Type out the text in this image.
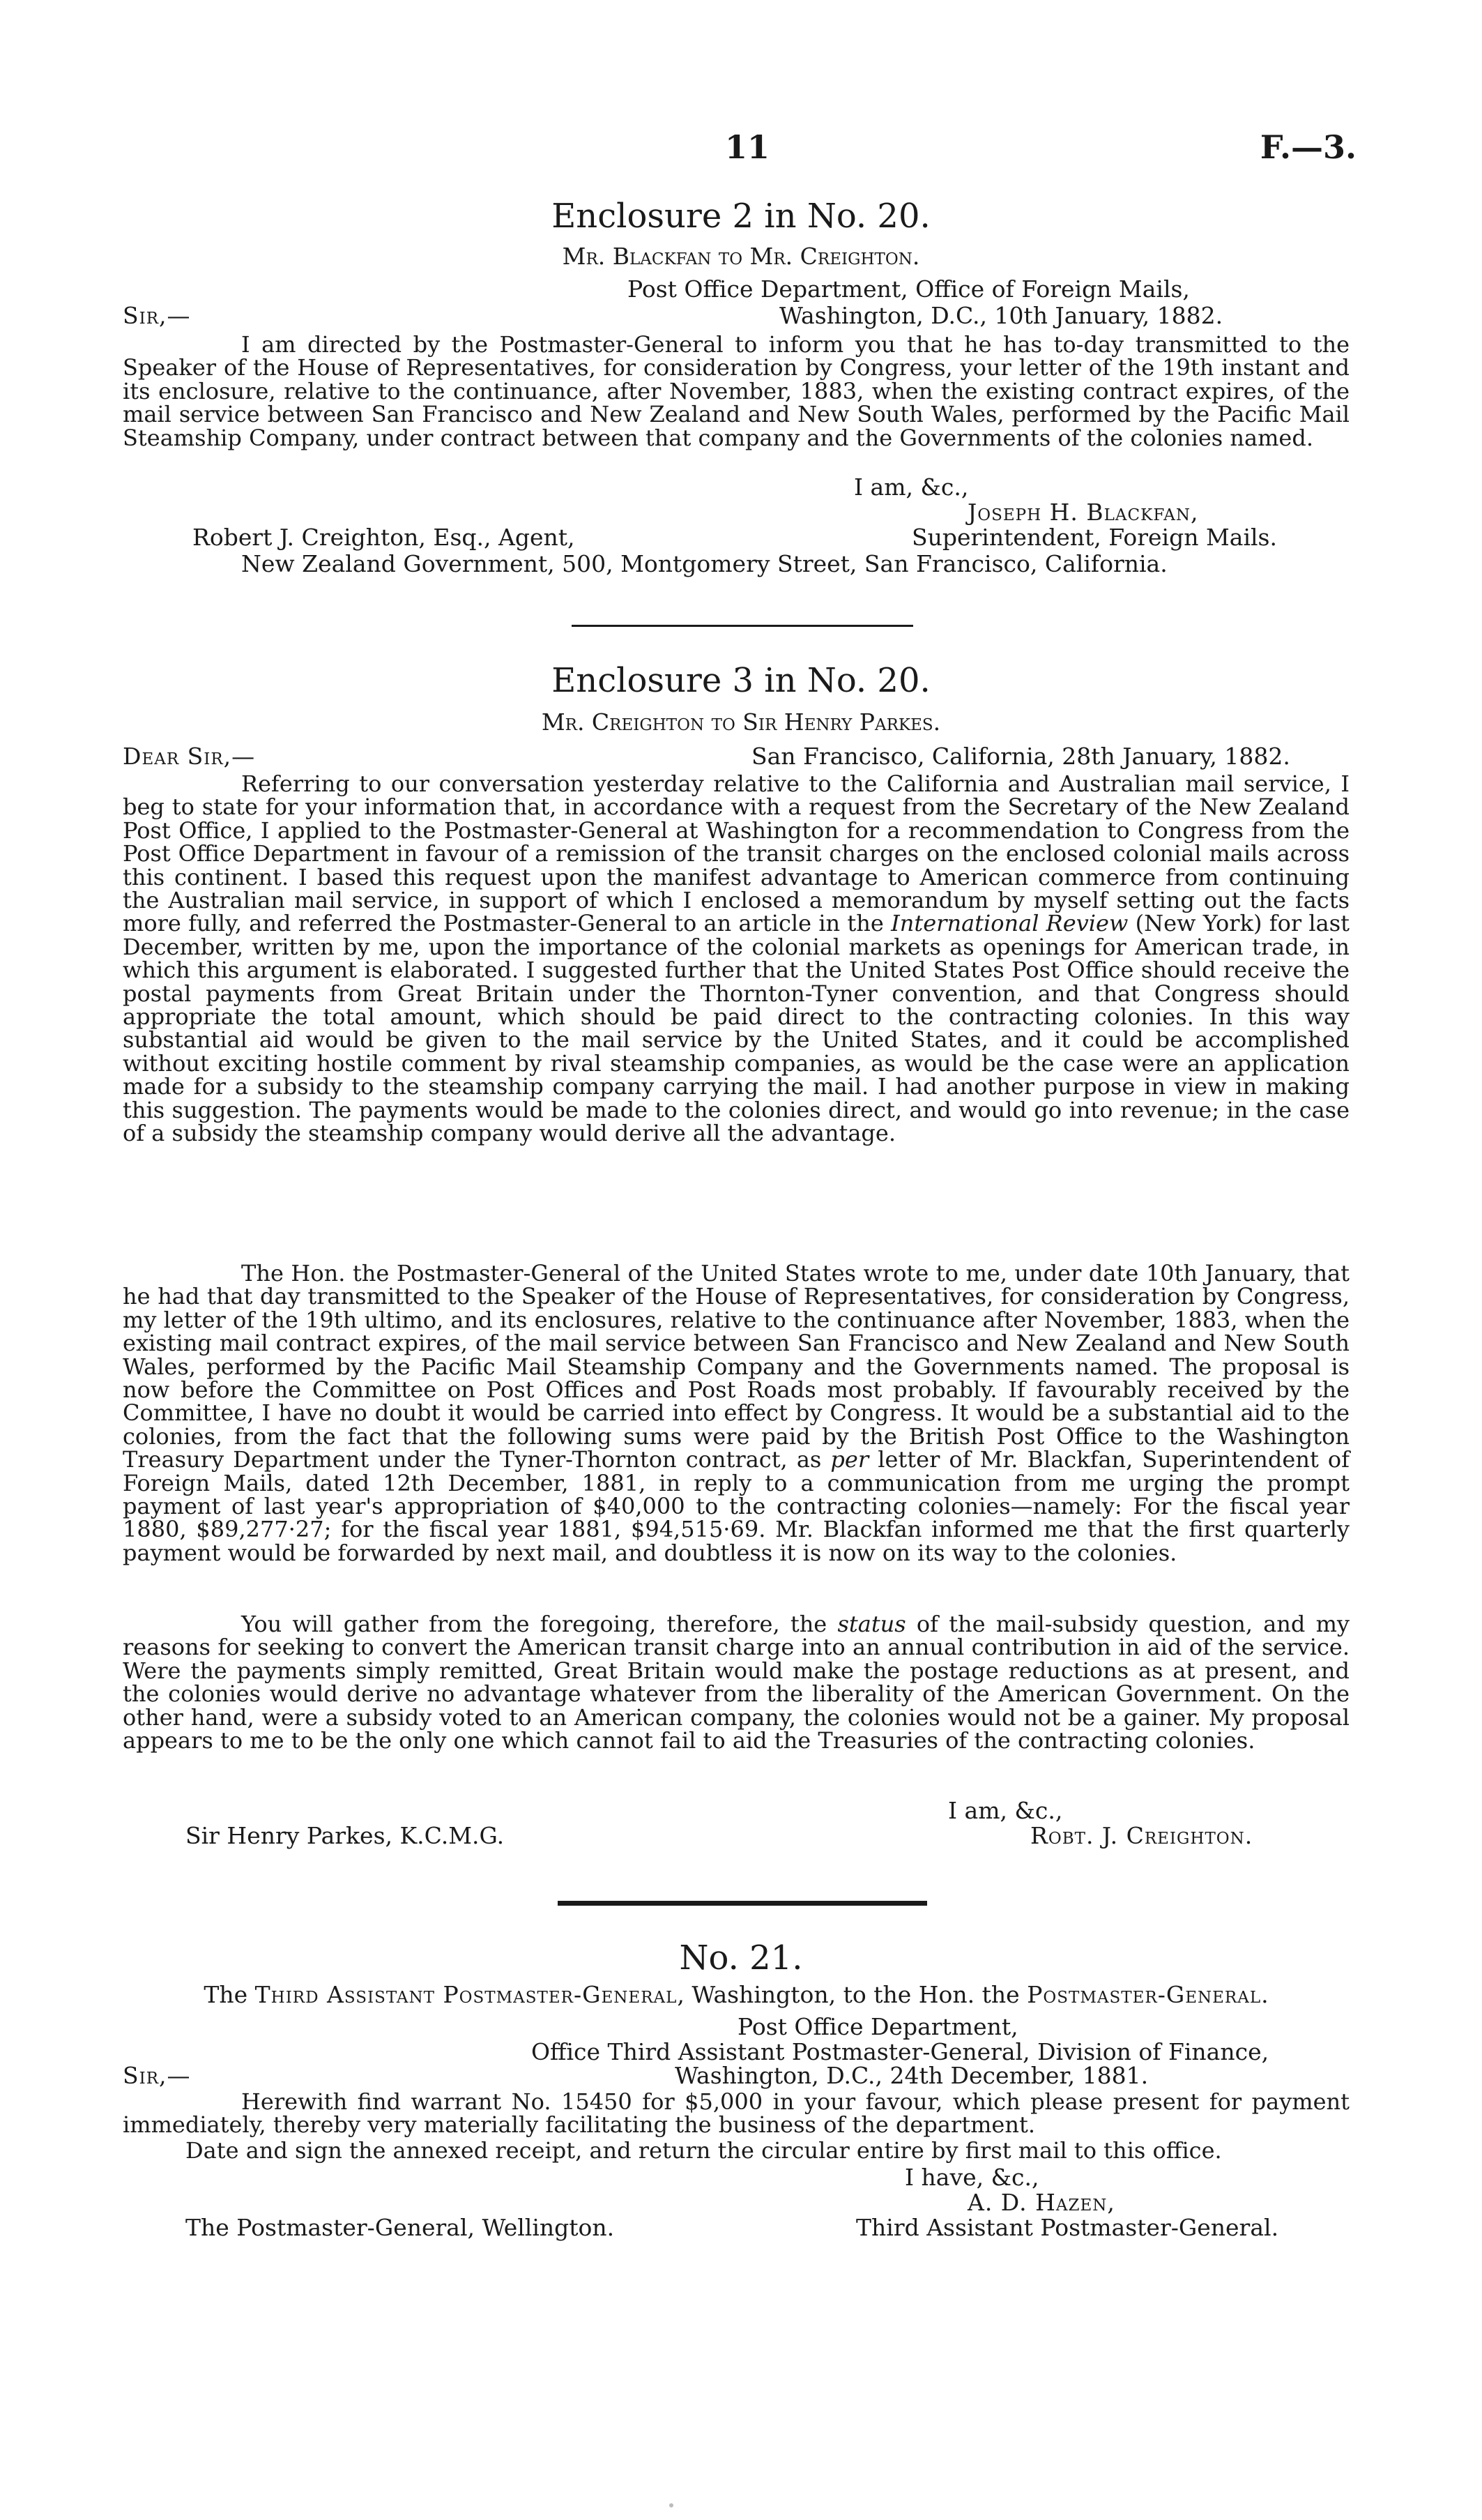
11	F.—3.
Enclosure 2 in No. 20.
Mr. Blackfan to Mr. Creighton.
Post Office Department, Office of Foreign Mails,
Sir,—	Washington, D.C., 10th January, 1882.
I am directed by the Postmaster-General to inform you that he has to-day transmitted to the Speaker of the House of Representatives, for consideration by Congress, your letter of the 19th instant and its enclosure, relative to the continuance, after November, 1883, when the existing contract expires, of the mail service between San Francisco and New Zealand and New South Wales, performed by the Pacific Mail Steamship Company, under contract between that company and the Governments of the colonies named.
I am, &c.,
Joseph H. Blackfan,
Robert J. Creighton, Esq., Agent,	Superintendent, Foreign Mails.
New Zealand Government, 500, Montgomery Street, San Francisco, California.
Enclosure 3 in No. 20.
Mr. Creighton to Sir Henry Parkes.
Dear Sir,—	San Francisco, California, 28th January, 1882.
Referring to our conversation yesterday relative to the California and Australian mail service, I beg to state for your information that, in accordance with a request from the Secretary of the New Zealand Post Office, I applied to the Postmaster-General at Washington for a recommendation to Congress from the Post Office Department in favour of a remission of the transit charges on the enclosed colonial mails across this continent. I based this request upon the manifest advantage to American commerce from continuing the Australian mail service, in support of which I enclosed a memorandum by myself setting out the facts more fully, and referred the Postmaster-General to an article in the International Review (New York) for last December, written by me, upon the importance of the colonial markets as openings for American trade, in which this argument is elaborated. I suggested further that the United States Post Office should receive the postal payments from Great Britain under the Thornton-Tyner convention, and that Congress should appropriate the total amount, which should be paid direct to the contracting colonies. In this way substantial aid would be given to the mail service by the United States, and it could be accomplished without exciting hostile comment by rival steamship companies, as would be the case were an application made for a subsidy to the steamship company carrying the mail. I had another purpose in view in making this suggestion. The payments would be made to the colonies direct, and would go into revenue; in the case of a subsidy the steamship company would derive all the advantage.
The Hon. the Postmaster-General of the United States wrote to me, under date 10th January, that he had that day transmitted to the Speaker of the House of Representatives, for consideration by Congress, my letter of the 19th ultimo, and its enclosures, relative to the continuance after November, 1883, when the existing mail contract expires, of the mail service between San Francisco and New Zealand and New South Wales, performed by the Pacific Mail Steamship Company and the Governments named. The proposal is now before the Committee on Post Offices and Post Roads most probably. If favourably received by the Committee, I have no doubt it would be carried into effect by Congress. It would be a substantial aid to the colonies, from the fact that the following sums were paid by the British Post Office to the Washington Treasury Department under the Tyner-Thornton contract, as per letter of Mr. Blackfan, Superintendent of Foreign Mails, dated 12th December, 1881, in reply to a communication from me urging the prompt payment of last year's appropriation of $40,000 to the contracting colonies—namely: For the fiscal year 1880, $89,277·27; for the fiscal year 1881, $94,515·69. Mr. Blackfan informed me that the first quarterly payment would be forwarded by next mail, and doubtless it is now on its way to the colonies.
You will gather from the foregoing, therefore, the status of the mail-subsidy question, and my reasons for seeking to convert the American transit charge into an annual contribution in aid of the service. Were the payments simply remitted, Great Britain would make the postage reductions as at present, and the colonies would derive no advantage whatever from the liberality of the American Government. On the other hand, were a subsidy voted to an American company, the colonies would not be a gainer. My proposal appears to me to be the only one which cannot fail to aid the Treasuries of the contracting colonies.
I am, &c.,
Sir Henry Parkes, K.C.M.G.	Robt. J. Creighton.
No. 21.
The Third Assistant Postmaster-General, Washington, to the Hon. the Postmaster-General.
Post Office Department,
Office Third Assistant Postmaster-General, Division of Finance,
Sir,—	Washington, D.C., 24th December, 1881.
Herewith find warrant No. 15450 for $5,000 in your favour, which please present for payment immediately, thereby very materially facilitating the business of the department.
Date and sign the annexed receipt, and return the circular entire by first mail to this office.
I have, &c.,
A. D. Hazen,
The Postmaster-General, Wellington.	Third Assistant Postmaster-General.
